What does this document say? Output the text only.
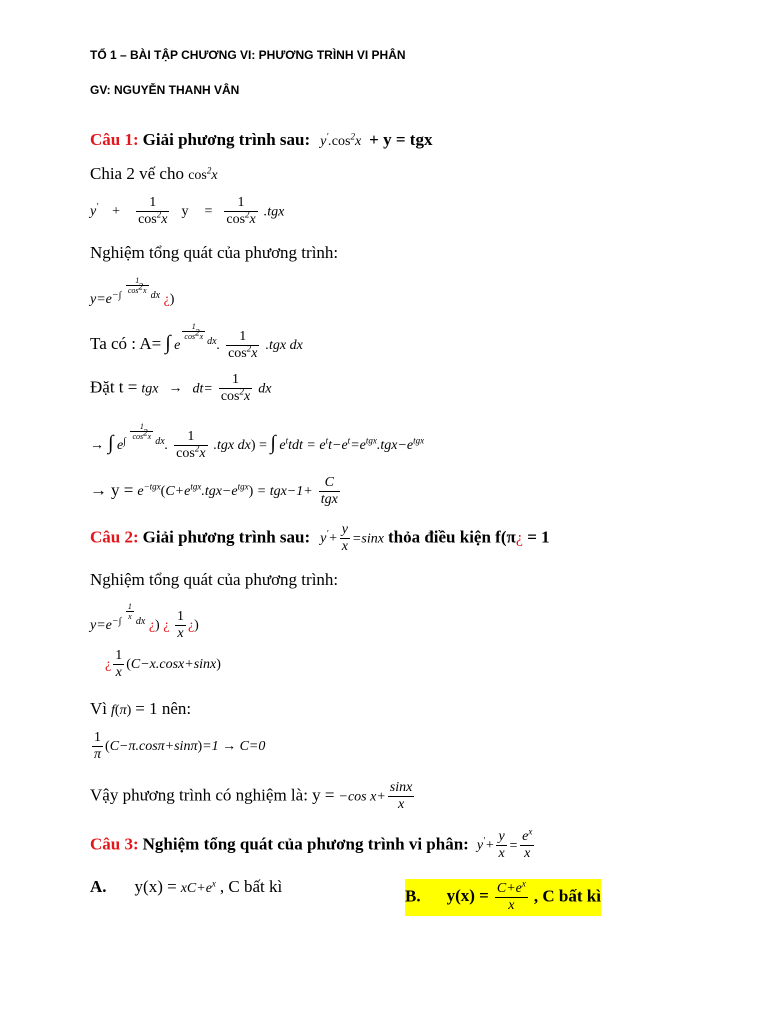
TỔ 1 – BÀI TẬP CHƯƠNG VI: PHƯƠNG TRÌNH VI PHÂN
GV: NGUYỄN THANH VÂN
Câu 1: Giải phương trình sau: $y'.\cos^2x + y$ = tgx
Chia 2 vế cho $\cos^2x$
$y' + \frac{1}{\cos^2x}$ $y = \frac{1}{\cos^2x} .tgx$
Nghiệm tổng quát của phương trình:
$y=e^{-\int \frac{1}{\cos^2x} dx}$ ¿)
Ta có : A= ∫ e
$^{\frac{1}{\cos^2x} dx}$. $\frac{1}{\cos^2x} .tgx$ dx
Đặt t = tgx → $dt= \frac{1}{\cos^2x}$ dx
→ ∫ $e^{\int \frac{1}{\cos^2x} dx}$. $\frac{1}{\cos^2x} .tgx$ dx) = ∫ $e^ttdt = e^tt-e^t=e^{tgx}.tgx-e^{tgx}$
→ $y = e^{-tgx}(C+e^{tgx}.tgx-e^{tgx}) = tgx-1+ \frac{C}{\text{tgx}}$
Câu 2: Giải phương trình sau: $y'+ \frac{y}{x} =\sin x$ thỏa điều kiện f(π¿ = 1
Nghiệm tổng quát của phương trình:
$y=e^{-\int \frac{1}{x} dx}$ ¿) ¿ $\frac{1}{x}$ ¿)
¿ $\frac{1}{x} (C-x.\cos x+\sin x)$
Vì f(π) = 1 nên:
$\frac{1}{\pi} (C-\pi.\cos\pi+\sin\pi)=1 \to C=0$
Vậy phương trình có nghiệm là: y = −cos $x+ \frac{\sin x}{x}$
Câu 3: Nghiệm tổng quát của phương trình vi phân: $y'+ \frac{y}{x} = \frac{e^x}{x}$
A. $y(x) = xC+e^x$ , C bất kì	B. $y(x) = \frac{C+e^x}{x}$ , C bất kì
